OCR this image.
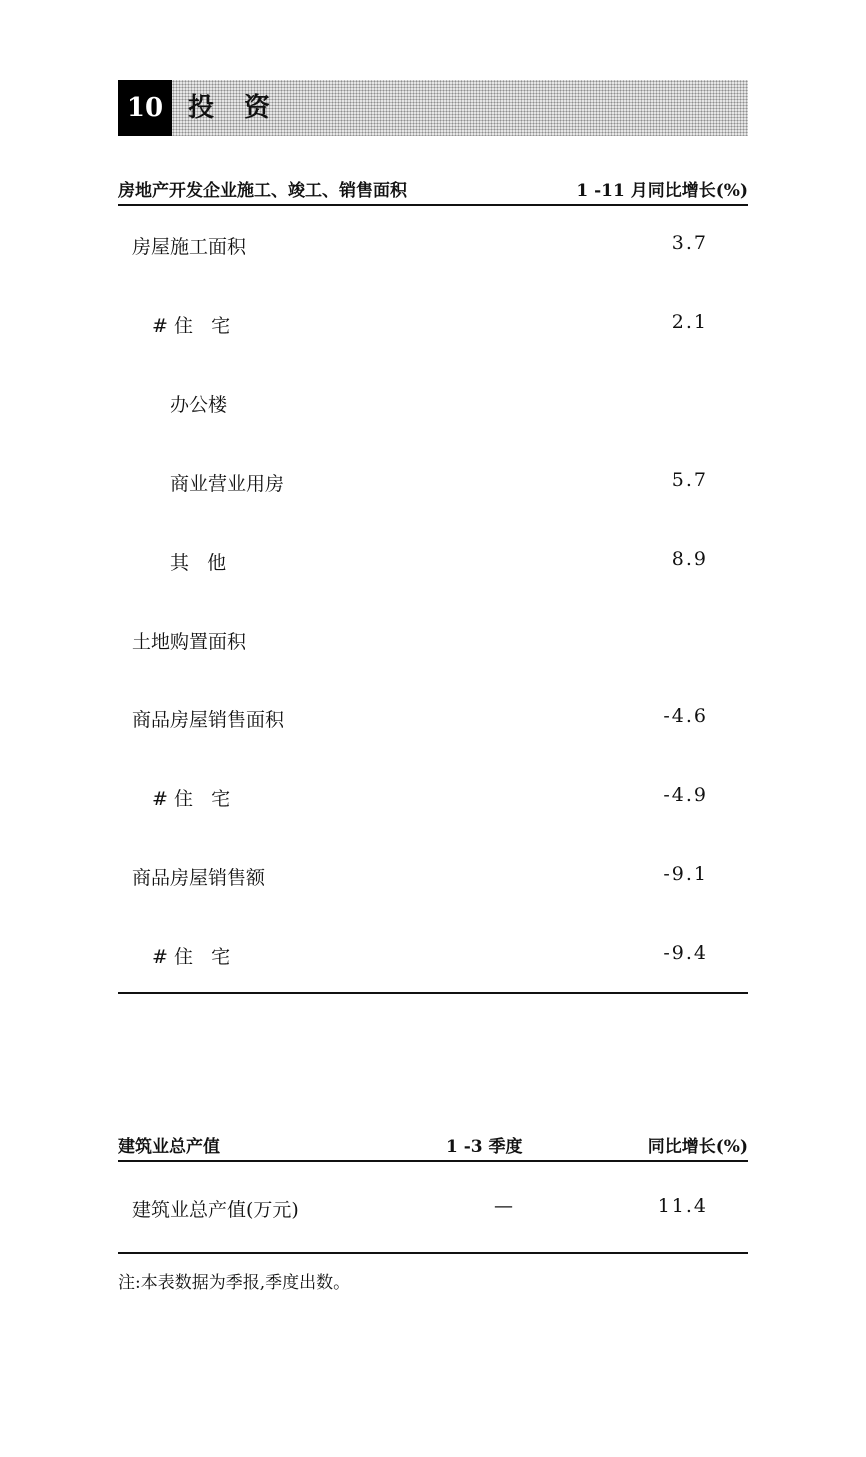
10 投资
房地产开发企业施工、竣工、销售面积	1 -11 月同比增长(%)
房屋施工面积	3.7
# 住   宅	2.1
办公楼
商业营业用房	5.7
其   他	8.9
土地购置面积
商品房屋销售面积	-4.6
# 住   宅	-4.9
商品房屋销售额	-9.1
# 住   宅	-9.4
建筑业总产值	1 -3 季度	同比增长(%)
建筑业总产值(万元)	—	11.4
注:本表数据为季报,季度出数。
